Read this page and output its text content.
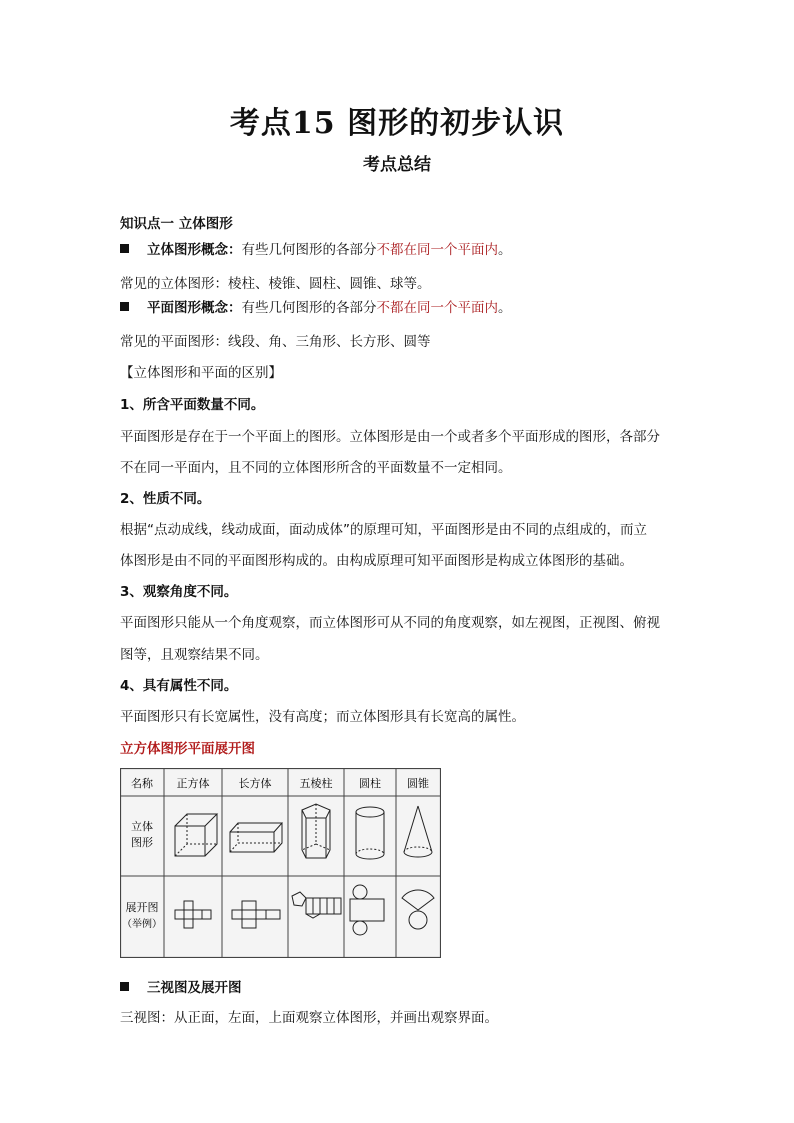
考点15 图形的初步认识
考点总结
知识点一 立体图形
立体图形概念：有些几何图形的各部分不都在同一个平面内。
常见的立体图形：棱柱、棱锥、圆柱、圆锥、球等。
平面图形概念：有些几何图形的各部分不都在同一个平面内。
常见的平面图形：线段、角、三角形、长方形、圆等
【立体图形和平面的区别】
1、所含平面数量不同。
平面图形是存在于一个平面上的图形。立体图形是由一个或者多个平面形成的图形，各部分
不在同一平面内，且不同的立体图形所含的平面数量不一定相同。
2、性质不同。
根据“点动成线，线动成面，面动成体”的原理可知，平面图形是由不同的点组成的，而立
体图形是由不同的平面图形构成的。由构成原理可知平面图形是构成立体图形的基础。
3、观察角度不同。
平面图形只能从一个角度观察，而立体图形可从不同的角度观察，如左视图，正视图、俯视
图等，且观察结果不同。
4、具有属性不同。
平面图形只有长宽属性，没有高度；而立体图形具有长宽高的属性。
立方体图形平面展开图
名称 正方体	长方体	五棱柱 圆柱 圆锥
立体
图形
展开图
（举例）
三视图及展开图
三视图：从正面，左面，上面观察立体图形，并画出观察界面。
